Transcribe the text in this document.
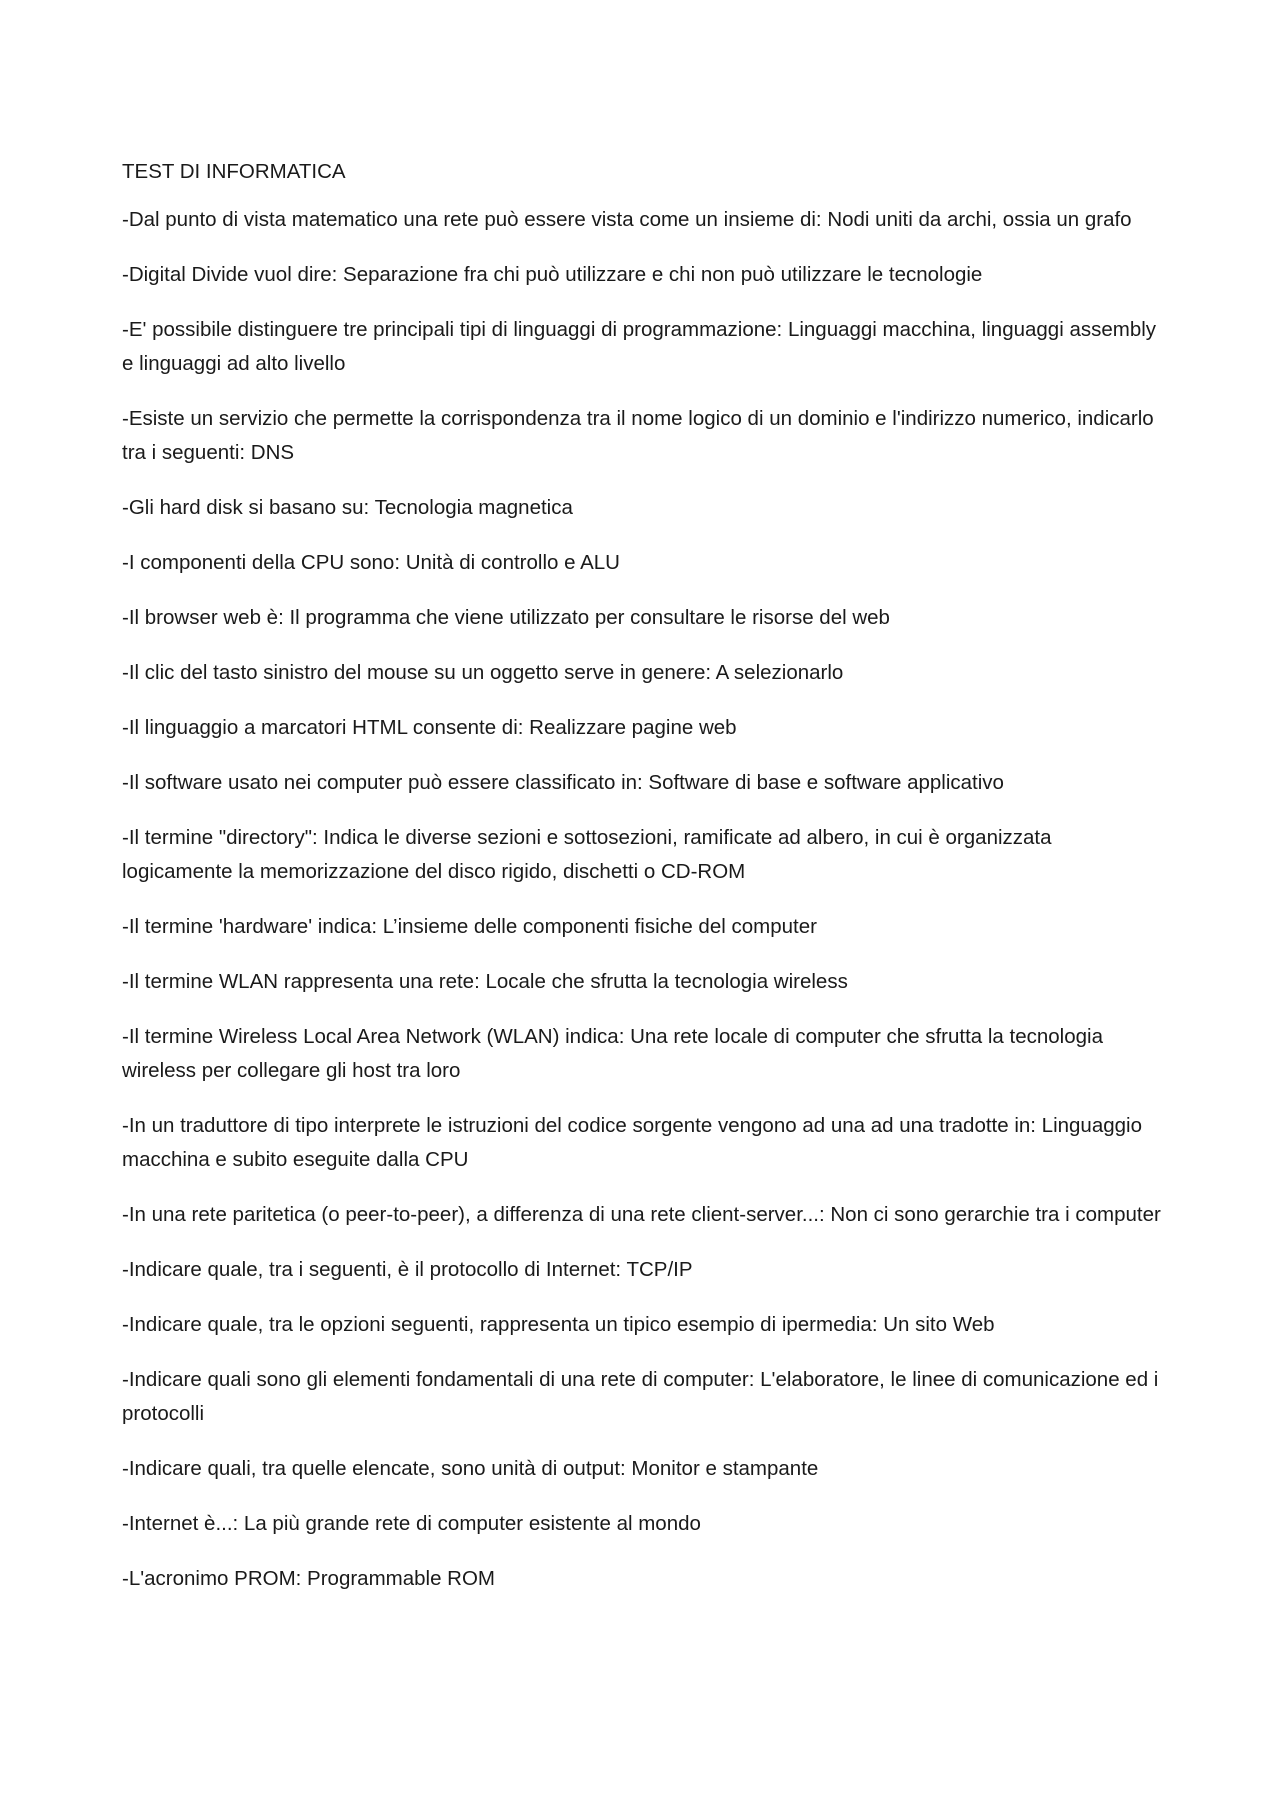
TEST DI INFORMATICA
-Dal punto di vista matematico una rete può essere vista come un insieme di: Nodi uniti da archi, ossia un grafo
-Digital Divide vuol dire: Separazione fra chi può utilizzare e chi non può utilizzare le tecnologie
-E' possibile distinguere tre principali tipi di linguaggi di programmazione: Linguaggi macchina, linguaggi assembly e linguaggi ad alto livello
-Esiste un servizio che permette la corrispondenza tra il nome logico di un dominio e l'indirizzo numerico, indicarlo tra i seguenti: DNS
-Gli hard disk si basano su: Tecnologia magnetica
-I componenti della CPU sono: Unità di controllo e ALU
-Il browser web è: Il programma che viene utilizzato per consultare le risorse del web
-Il clic del tasto sinistro del mouse su un oggetto serve in genere: A selezionarlo
-Il linguaggio a marcatori HTML consente di: Realizzare pagine web
-Il software usato nei computer può essere classificato in: Software di base e software applicativo
-Il termine "directory": Indica le diverse sezioni e sottosezioni, ramificate ad albero, in cui è organizzata logicamente la memorizzazione del disco rigido, dischetti o CD-ROM
-Il termine 'hardware' indica: L’insieme delle componenti fisiche del computer
-Il termine WLAN rappresenta una rete: Locale che sfrutta la tecnologia wireless
-Il termine Wireless Local Area Network (WLAN) indica: Una rete locale di computer che sfrutta la tecnologia wireless per collegare gli host tra loro
-In un traduttore di tipo interprete le istruzioni del codice sorgente vengono ad una ad una tradotte in: Linguaggio macchina e subito eseguite dalla CPU
-In una rete paritetica (o peer-to-peer), a differenza di una rete client-server...: Non ci sono gerarchie tra i computer
-Indicare quale, tra i seguenti, è il protocollo di Internet: TCP/IP
-Indicare quale, tra le opzioni seguenti, rappresenta un tipico esempio di ipermedia: Un sito Web
-Indicare quali sono gli elementi fondamentali di una rete di computer: L'elaboratore, le linee di comunicazione ed i protocolli
-Indicare quali, tra quelle elencate, sono unità di output: Monitor e stampante
-Internet è...: La più grande rete di computer esistente al mondo
-L'acronimo PROM: Programmable ROM
